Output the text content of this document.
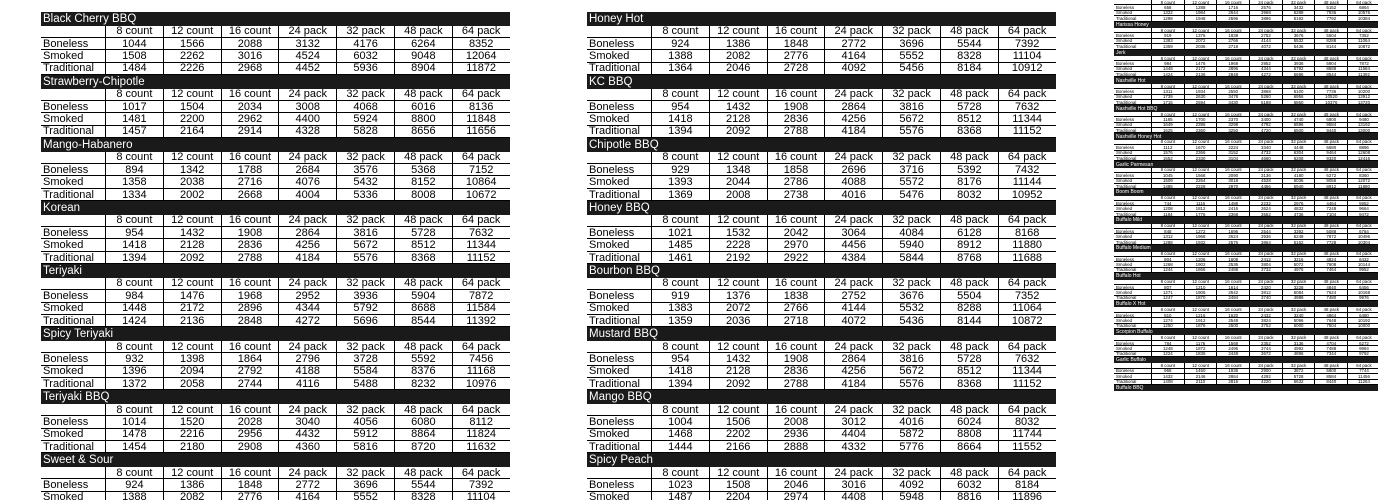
Black Cherry BBQ
8 count	12 count	16 count	24 pack	32 pack	48 pack	64 pack
Boneless	1044	1566	2088	3132	4176	6264	8352
Smoked	1508	2262	3016	4524	6032	9048	12064
Traditional	1484	2226	2968	4452	5936	8904	11872
Strawberry-Chipotle
8 count	12 count	16 count	24 pack	32 pack	48 pack	64 pack
Boneless	1017	1504	2034	3008	4068	6016	8136
Smoked	1481	2200	2962	4400	5924	8800	11848
Traditional	1457	2164	2914	4328	5828	8656	11656
Mango-Habanero
8 count	12 count	16 count	24 pack	32 pack	48 pack	64 pack
Boneless	894	1342	1788	2684	3576	5368	7152
Smoked	1358	2038	2716	4076	5432	8152	10864
Traditional	1334	2002	2668	4004	5336	8008	10672
Korean
8 count	12 count	16 count	24 pack	32 pack	48 pack	64 pack
Boneless	954	1432	1908	2864	3816	5728	7632
Smoked	1418	2128	2836	4256	5672	8512	11344
Traditional	1394	2092	2788	4184	5576	8368	11152
Teriyaki
8 count	12 count	16 count	24 pack	32 pack	48 pack	64 pack
Boneless	984	1476	1968	2952	3936	5904	7872
Smoked	1448	2172	2896	4344	5792	8688	11584
Traditional	1424	2136	2848	4272	5696	8544	11392
Spicy Teriyaki
8 count	12 count	16 count	24 pack	32 pack	48 pack	64 pack
Boneless	932	1398	1864	2796	3728	5592	7456
Smoked	1396	2094	2792	4188	5584	8376	11168
Traditional	1372	2058	2744	4116	5488	8232	10976
Teriyaki BBQ
8 count	12 count	16 count	24 pack	32 pack	48 pack	64 pack
Boneless	1014	1520	2028	3040	4056	6080	8112
Smoked	1478	2216	2956	4432	5912	8864	11824
Traditional	1454	2180	2908	4360	5816	8720	11632
Sweet & Sour
8 count	12 count	16 count	24 pack	32 pack	48 pack	64 pack
Boneless	924	1386	1848	2772	3696	5544	7392
Smoked	1388	2082	2776	4164	5552	8328	11104
Honey Hot
8 count	12 count	16 count	24 pack	32 pack	48 pack	64 pack
Boneless	924	1386	1848	2772	3696	5544	7392
Smoked	1388	2082	2776	4164	5552	8328	11104
Traditional	1364	2046	2728	4092	5456	8184	10912
KC BBQ
8 count	12 count	16 count	24 pack	32 pack	48 pack	64 pack
Boneless	954	1432	1908	2864	3816	5728	7632
Smoked	1418	2128	2836	4256	5672	8512	11344
Traditional	1394	2092	2788	4184	5576	8368	11152
Chipotle BBQ
8 count	12 count	16 count	24 pack	32 pack	48 pack	64 pack
Boneless	929	1348	1858	2696	3716	5392	7432
Smoked	1393	2044	2786	4088	5572	8176	11144
Traditional	1369	2008	2738	4016	5476	8032	10952
Honey BBQ
8 count	12 count	16 count	24 pack	32 pack	48 pack	64 pack
Boneless	1021	1532	2042	3064	4084	6128	8168
Smoked	1485	2228	2970	4456	5940	8912	11880
Traditional	1461	2192	2922	4384	5844	8768	11688
Bourbon BBQ
8 count	12 count	16 count	24 pack	32 pack	48 pack	64 pack
Boneless	919	1376	1838	2752	3676	5504	7352
Smoked	1383	2072	2766	4144	5532	8288	11064
Traditional	1359	2036	2718	4072	5436	8144	10872
Mustard BBQ
8 count	12 count	16 count	24 pack	32 pack	48 pack	64 pack
Boneless	954	1432	1908	2864	3816	5728	7632
Smoked	1418	2128	2836	4256	5672	8512	11344
Traditional	1394	2092	2788	4184	5576	8368	11152
Mango BBQ
8 count	12 count	16 count	24 pack	32 pack	48 pack	64 pack
Boneless	1004	1506	2008	3012	4016	6024	8032
Smoked	1468	2202	2936	4404	5872	8808	11744
Traditional	1444	2166	2888	4332	5776	8664	11552
Spicy Peach
8 count	12 count	16 count	24 pack	32 pack	48 pack	64 pack
Boneless	1023	1508	2046	3016	4092	6032	8184
Smoked	1487	2204	2974	4408	5948	8816	11896
8 count	12 count	16 count	24 pack	32 pack	48 pack	64 pack
Boneless	658	1288	1716	2576	3432	5152	6864
Smoked	1322	1984	2644	3968	5288	7936	10576
Traditional	1298	1948	2596	3896	5192	7792	10384
Harissa Honey
8 count	12 count	16 count	24 pack	32 pack	48 pack	64 pack
Boneless	919	1376	1838	2752	3676	5504	7352
Smoked	1383	2072	2766	4144	5532	8288	11064
Traditional	1359	2036	2718	4072	5436	8144	10872
Jerk
8 count	12 count	16 count	24 pack	32 pack	48 pack	64 pack
Boneless	984	1476	1968	2952	3936	5904	7872
Smoked	1448	2172	2896	4344	5792	8688	11584
Traditional	1424	2136	2848	4272	5696	8544	11392
Nashville Hot
8 count	12 count	16 count	24 pack	32 pack	48 pack	64 pack
Boneless	1311	1934	2550	3868	5100	7736	10200
Smoked	1739	2630	3478	5260	6956	10520	13912
Traditional	1715	2594	3430	5188	6860	10376	13720
Nashville Hot BBQ
8 count	12 count	16 count	24 pack	32 pack	48 pack	64 pack
Boneless	1185	1700	2370	3400	4740	6800	9480
Smoked	1649	2396	3298	4792	6596	9584	13192
Traditional	1625	2360	3250	4720	6500	9440	13000
Nashville Honey Hot
8 count	12 count	16 count	24 pack	32 pack	48 pack	64 pack
Boneless	1112	1670	2224	3340	4448	6680	8896
Smoked	1576	2366	3152	4732	6304	9464	12608
Traditional	1552	2330	3104	4660	6208	9320	12416
Garlic Parmesan
8 count	12 count	16 count	24 pack	32 pack	48 pack	64 pack
Boneless	1045	1568	2090	3136	4180	6272	8360
Smoked	1509	2264	3018	4528	6036	9056	12072
Traditional	1485	2228	2970	4456	5940	8912	11880
Boom Boom
8 count	12 count	16 count	24 pack	32 pack	48 pack	64 pack
Boneless	744	1116	1488	2232	2976	4464	5952
Smoked	1208	1812	2416	3624	4832	7248	9664
Traditional	1184	1776	2368	3552	4736	7104	9472
Buffalo Mild
8 count	12 count	16 count	24 pack	32 pack	48 pack	64 pack
Boneless	848	1272	1696	2544	3392	5088	6784
Smoked	1312	1968	2624	3936	5248	7872	10496
Traditional	1288	1932	2576	3864	5152	7728	10304
Buffalo Medium
8 count	12 count	16 count	24 pack	32 pack	48 pack	64 pack
Boneless	804	1206	1608	2412	3216	4824	6432
Smoked	1268	1902	2536	3804	5072	7608	10144
Traditional	1244	1866	2488	3732	4976	7464	9952
Buffalo Hot
8 count	12 count	16 count	24 pack	32 pack	48 pack	64 pack
Boneless	807	1210	1614	2420	3228	4840	6456
Smoked	1271	1906	2542	3812	5084	7624	10168
Traditional	1247	1870	2494	3740	4988	7480	9976
Buffalo X Hot
8 count	12 count	16 count	24 pack	32 pack	48 pack	64 pack
Boneless	810	1216	1620	2432	3240	4864	6480
Smoked	1274	1912	2548	3824	5096	7648	10192
Traditional	1250	1876	2500	3752	5000	7504	10000
Scorpion Buffalo
8 count	12 count	16 count	24 pack	32 pack	48 pack	64 pack
Boneless	784	1176	1568	2352	3136	4704	6272
Smoked	1248	1872	2496	3744	4992	7488	9984
Traditional	1224	1836	2448	3672	4896	7344	9792
Garlic Buffalo
8 count	12 count	16 count	24 pack	32 pack	48 pack	64 pack
Boneless	968	1450	1936	2900	3872	5800	7744
Smoked	1432	2146	2864	4292	5728	8584	11456
Traditional	1408	2110	2816	4220	5632	8440	11264
Buffalo BBQ
